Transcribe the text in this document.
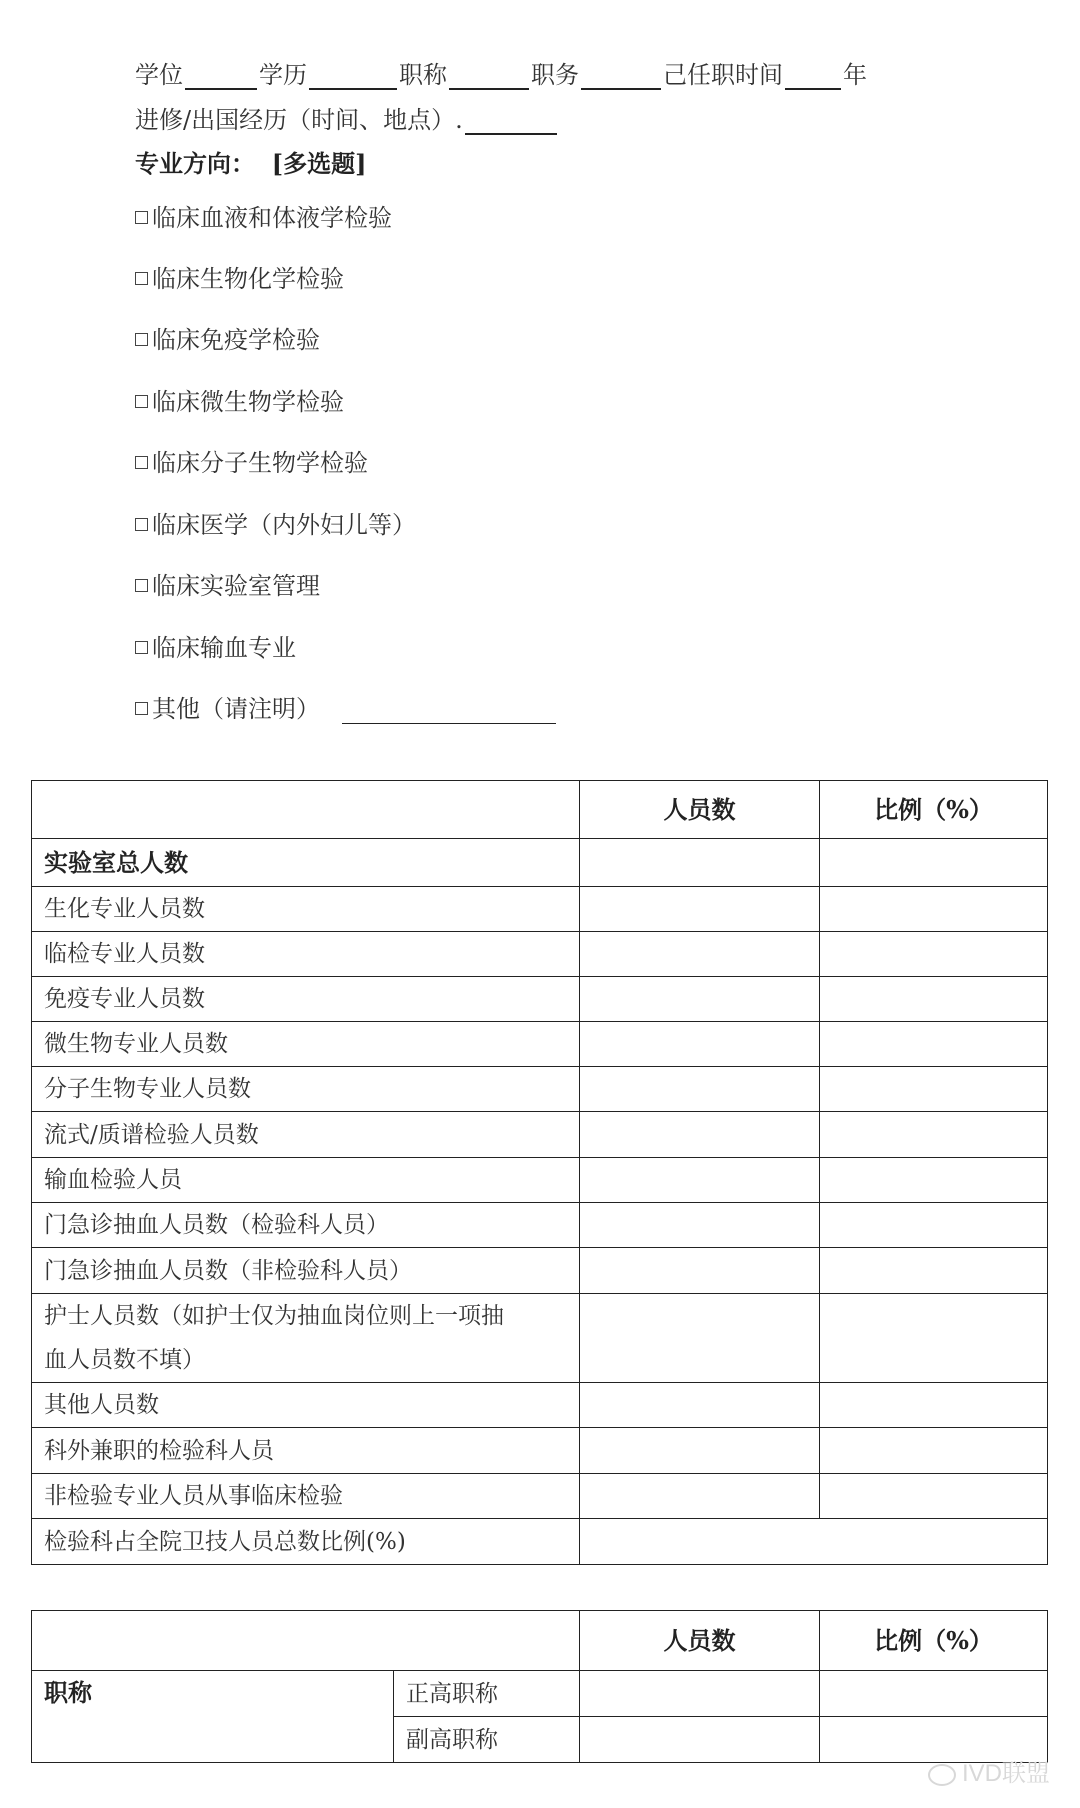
学位	学历	职称	职务	己任职时间	年
进修/出国经历（时间、地点）.
专业方向： [多选题]
临床血液和体液学检验
临床生物化学检验
临床免疫学检验
临床微生物学检验
临床分子生物学检验
临床医学（内外妇儿等）
临床实验室管理
临床输血专业
其他（请注明）
	人员数	比例（%）
实验室总人数		
生化专业人员数		
临检专业人员数		
免疫专业人员数		
微生物专业人员数		
分子生物专业人员数		
流式/质谱检验人员数		
输血检验人员		
门急诊抽血人员数（检验科人员）		
门急诊抽血人员数（非检验科人员）		
护士人员数（如护士仅为抽血岗位则上一项抽
血人员数不填）		
其他人员数		
科外兼职的检验科人员		
非检验专业人员从事临床检验		
检验科占全院卫技人员总数比例(%)		
		人员数	比例（%）
职称	正高职称		
	副高职称		
IVD联盟
